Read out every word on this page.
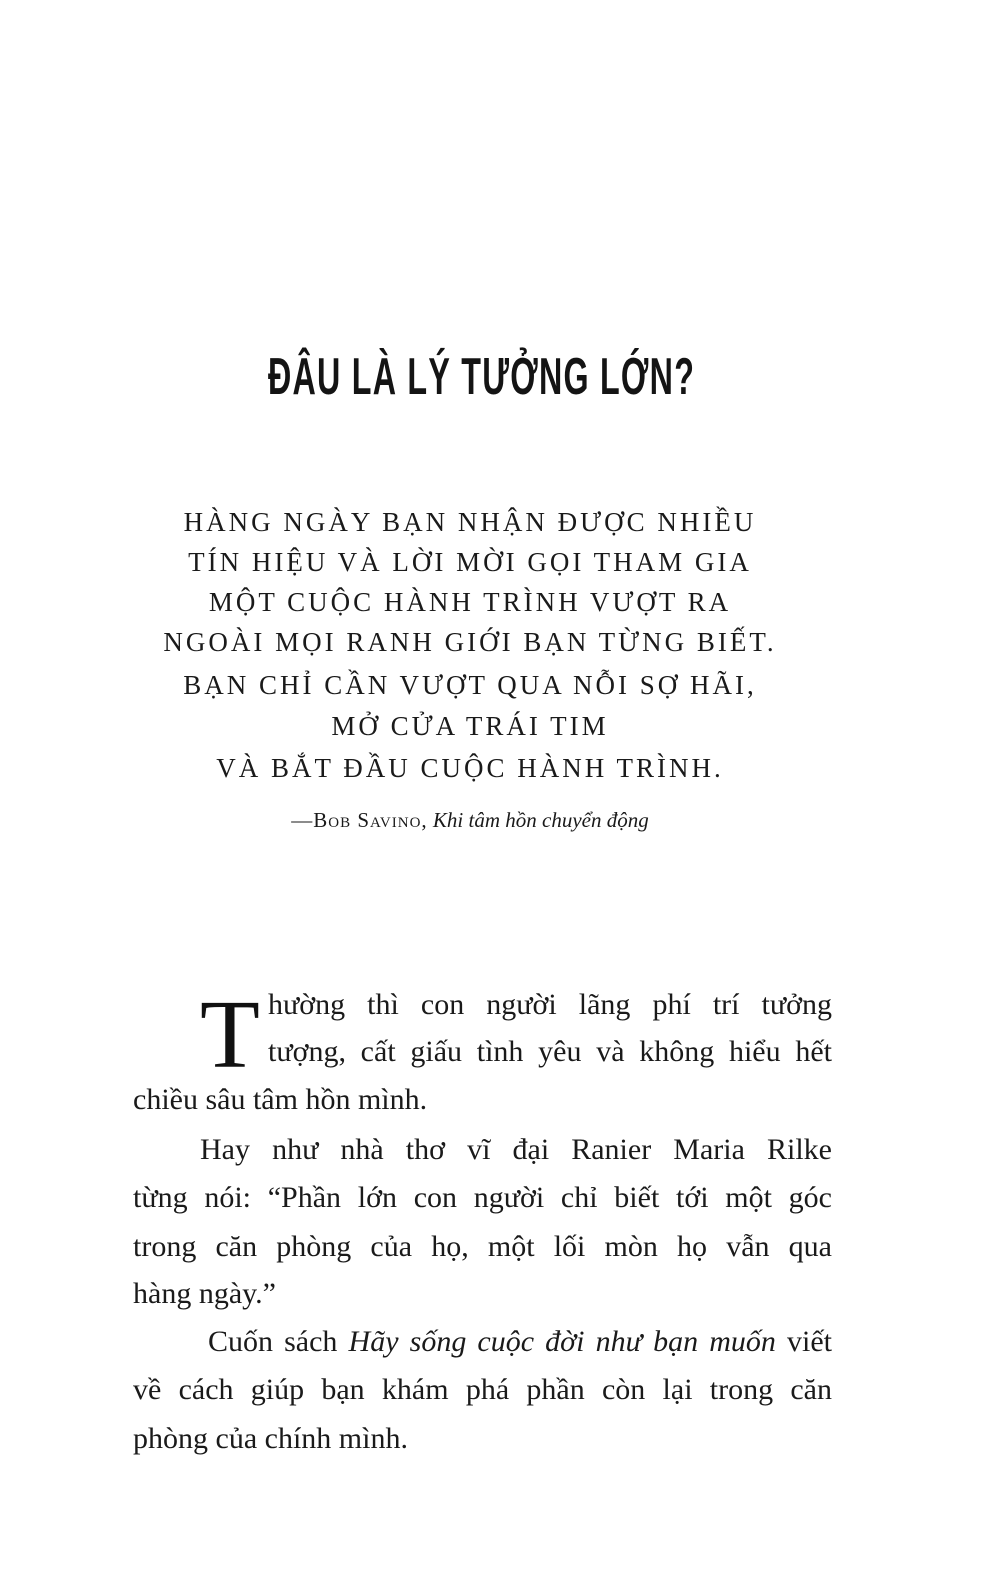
ĐÂU LÀ LÝ TƯỞNG LỚN?
HÀNG NGÀY BẠN NHẬN ĐƯỢC NHIỀU
TÍN HIỆU VÀ LỜI MỜI GỌI THAM GIA
MỘT CUỘC HÀNH TRÌNH VƯỢT RA
NGOÀI MỌI RANH GIỚI BẠN TỪNG BIẾT.
BẠN CHỈ CẦN VƯỢT QUA NỖI SỢ HÃI,
MỞ CỬA TRÁI TIM
VÀ BẮT ĐẦU CUỘC HÀNH TRÌNH.
—Bob Savino, Khi tâm hồn chuyển động
T hường thì con người lãng phí trí tưởng
tượng, cất giấu tình yêu và không hiểu hết
chiều sâu tâm hồn mình.
Hay như nhà thơ vĩ đại Ranier Maria Rilke
từng nói: “Phần lớn con người chỉ biết tới một góc
trong căn phòng của họ, một lối mòn họ vẫn qua
hàng ngày.”
Cuốn sách Hãy sống cuộc đời như bạn muốn viết
về cách giúp bạn khám phá phần còn lại trong căn
phòng của chính mình.
